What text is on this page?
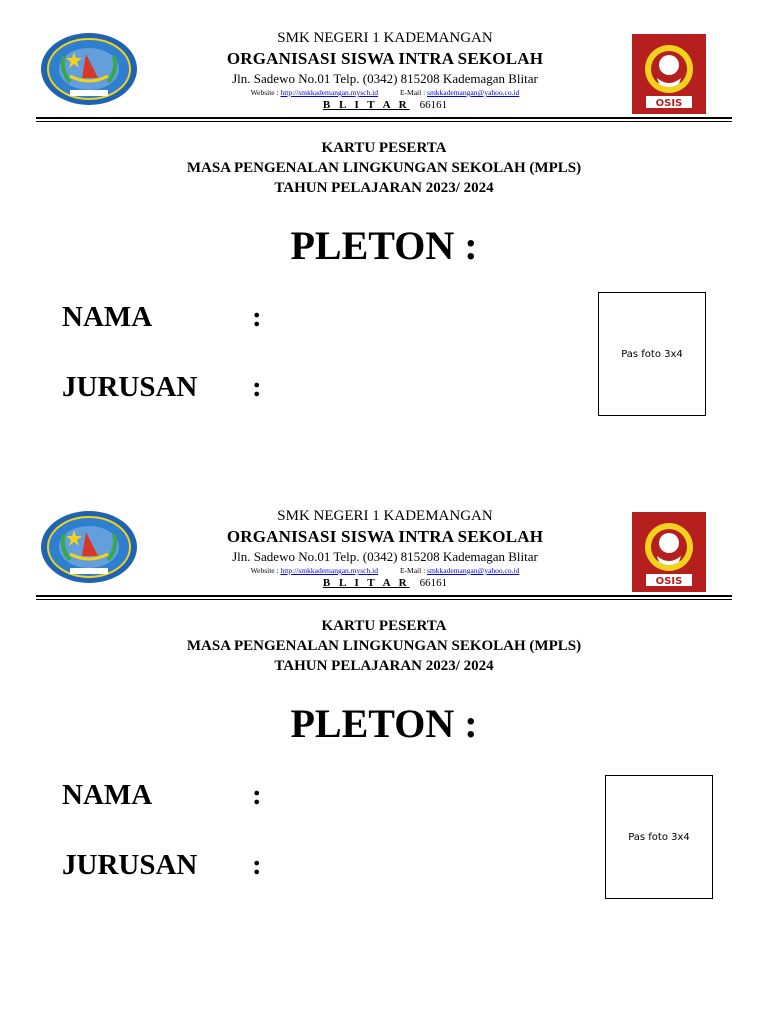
SMK NEGERI 1 KADEMANGAN
ORGANISASI SISWA INTRA SEKOLAH
Jln. Sadewo No.01 Telp. (0342) 815208 Kademagan Blitar
Website : http://smkkademangan.mysch.id	E-Mail : smkkademangan@yahoo.co.id
B L I T A R 66161	OSIS
KARTU PESERTA
MASA PENGENALAN LINGKUNGAN SEKOLAH (MPLS)
TAHUN PELAJARAN 2023/ 2024
PLETON :
NAMA	:
JURUSAN :
Pas foto 3x4
SMK NEGERI 1 KADEMANGAN
ORGANISASI SISWA INTRA SEKOLAH
Jln. Sadewo No.01 Telp. (0342) 815208 Kademagan Blitar
Website : http://smkkademangan.mysch.id	E-Mail : smkkademangan@yahoo.co.id
B L I T A R 66161	OSIS
KARTU PESERTA
MASA PENGENALAN LINGKUNGAN SEKOLAH (MPLS)
TAHUN PELAJARAN 2023/ 2024
PLETON :
NAMA	:
JURUSAN :
Pas foto 3x4
